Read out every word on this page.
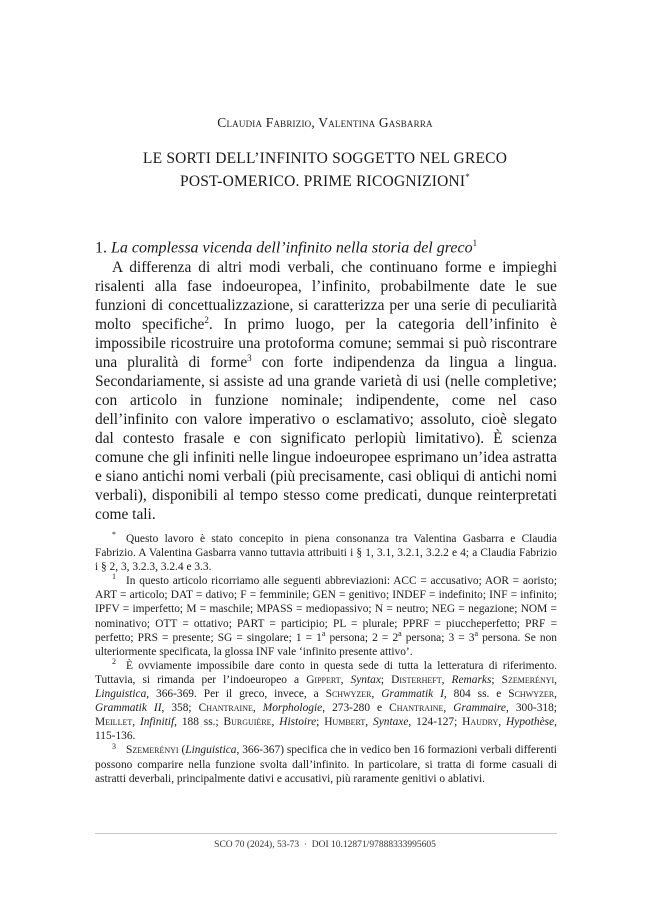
Claudia Fabrizio, Valentina Gasbarra
LE SORTI DELL’INFINITO SOGGETTO NEL GRECO
POST-OMERICO. PRIME RICOGNIZIONI*
1. La complessa vicenda dell’infinito nella storia del greco$^1$

A differenza di altri modi verbali, che continuano forme e impieghi risalenti alla fase indoeuropea, l’infinito, probabilmente date le sue funzioni di concettualizzazione, si caratterizza per una serie di peculiarità molto specifiche$^2$. In primo luogo, per la categoria dell’infinito è impossibile ricostruire una protoforma comune; semmai si può riscontrare una pluralità di forme$^3$ con forte indipendenza da lingua a lingua. Secondariamente, si assiste ad una grande varietà di usi (nelle completive; con articolo in funzione nominale; indipendente, come nel caso dell’infinito con valore imperativo o esclamativo; assoluto, cioè slegato dal contesto frasale e con significato perlopiù limitativo). È scienza comune che gli infiniti nelle lingue indoeuropee esprimano un’idea astratta e siano antichi nomi verbali (più precisamente, casi obliqui di antichi nomi verbali), disponibili al tempo stesso come predicati, dunque reinterpretati come tali.

* Questo lavoro è stato concepito in piena consonanza tra Valentina Gasbarra e Claudia Fabrizio. A Valentina Gasbarra vanno tuttavia attribuiti i § 1, 3.1, 3.2.1, 3.2.2 e 4; a Claudia Fabrizio i § 2, 3, 3.2.3, 3.2.4 e 3.3.

$^1$ In questo articolo ricorriamo alle seguenti abbreviazioni: ACC = accusativo; AOR = aoristo; ART = articolo; DAT = dativo; F = femminile; GEN = genitivo; INDEF = indefinito; INF = infinito; IPFV = imperfetto; M = maschile; MPASS = mediopassivo; N = neutro; NEG = negazione; NOM = nominativo; OTT = ottativo; PART = participio; PL = plurale; PPRF = piuccheperfetto; PRF = perfetto; PRS = presente; SG = singolare; $1 = 1^a$ persona; $2 = 2^a$ persona; $3 = 3^a$ persona. Se non ulteriormente specificata, la glossa INF vale ‘infinito presente attivo’.

$^2$ È ovviamente impossibile dare conto in questa sede di tutta la letteratura di riferimento. Tuttavia, si rimanda per l’indoeuropeo a Gippert, Syntax; Disterheft, Remarks; Szemerényi, Linguistica, 366-369. Per il greco, invece, a Schwyzer, Grammatik I, 804 ss. e Schwyzer, Grammatik II, 358; Chantraine, Morphologie, 273-280 e Chantraine, Grammaire, 300-318; Meillet, Infinitif, 188 ss.; Burguière, Histoire; Humbert, Syntaxe, 124-127; Haudry, Hypothèse, 115-136.

$^3$ Szemerényi (Linguistica, 366-367) specifica che in vedico ben 16 formazioni verbali differenti possono comparire nella funzione svolta dall’infinito. In particolare, si tratta di forme casuali di astratti deverbali, principalmente dativi e accusativi, più raramente genitivi o ablativi.

SCO 70 (2024), 53-73  ·  DOI 10.12871/97888333995605
